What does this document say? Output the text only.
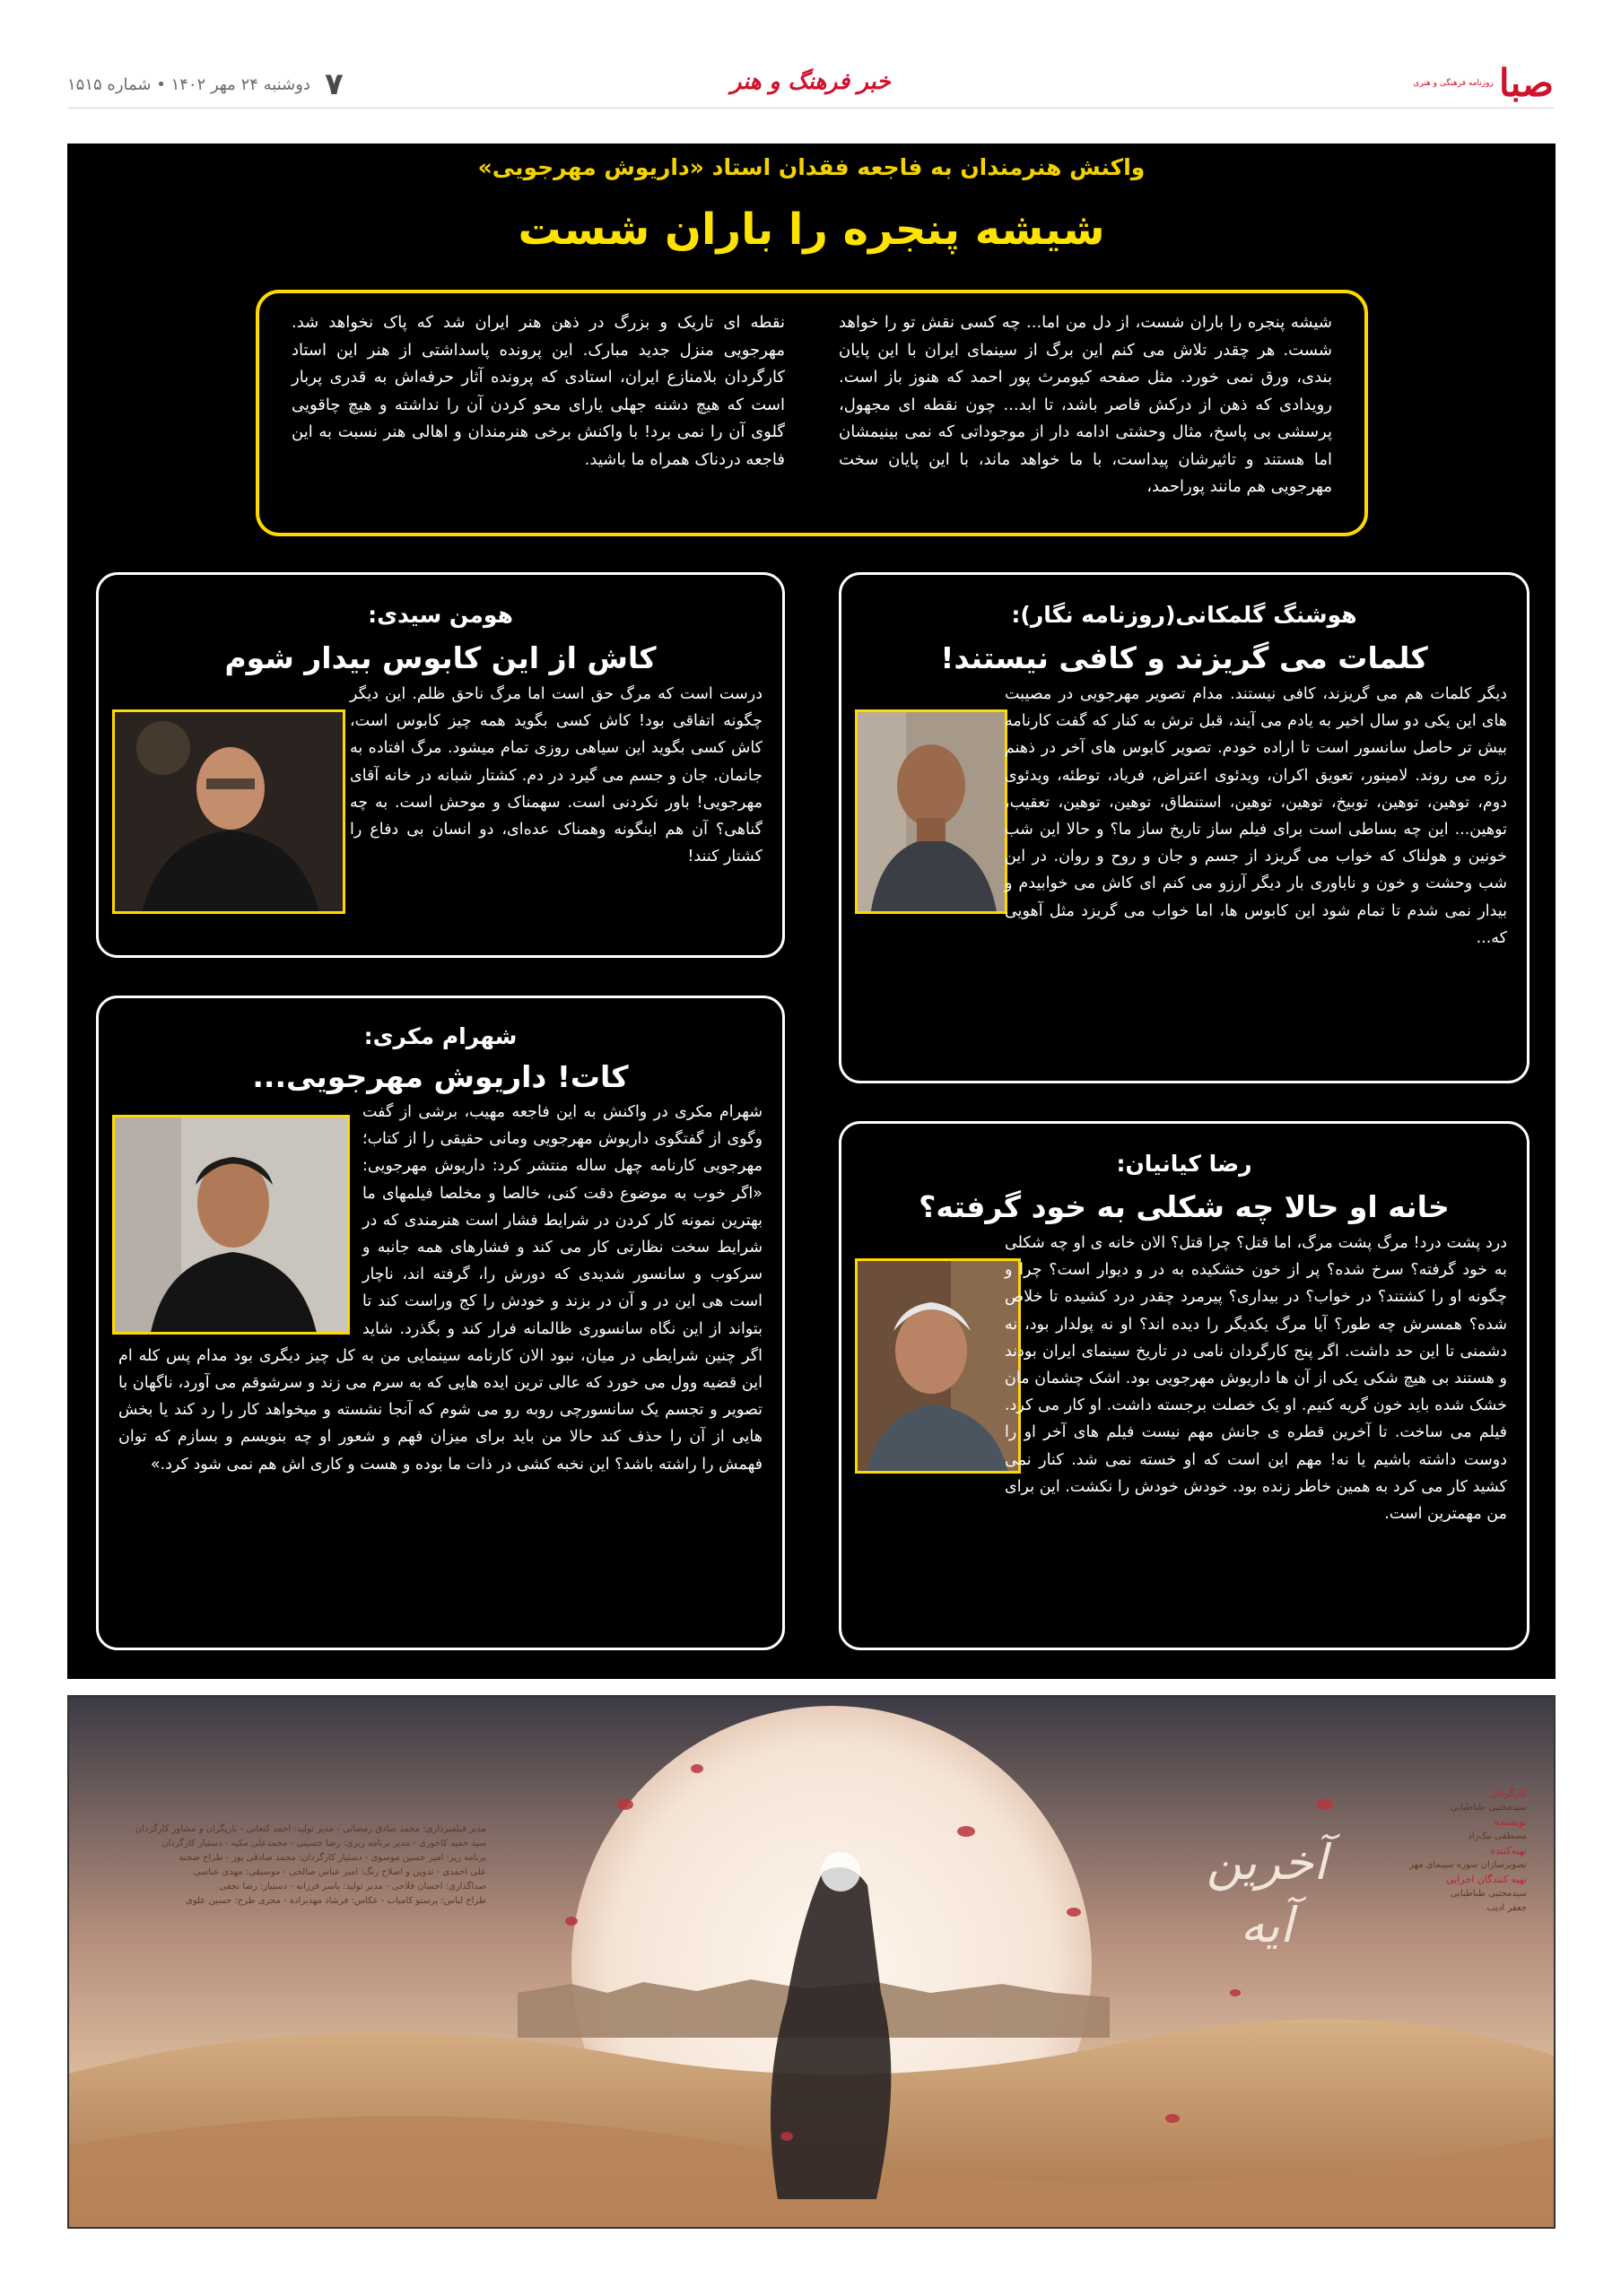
صبا
روزنامه فرهنگی و هنری
خبر فرهنگ و هنر
۷
دوشنبه ۲۴ مهر ۱۴۰۲ • شماره ۱۵۱۵
واکنش هنرمندان به فاجعه فقدان استاد «داریوش مهرجویی»
شیشه پنجره را باران شست
شیشه پنجره را باران شست، از دل من اما... چه کسی نقش تو را خواهد شست. هر چقدر تلاش می کنم این برگ از سینمای ایران با این پایان بندی، ورق نمی خورد. مثل صفحه کیومرث پور احمد که هنوز باز است. رویدادی که ذهن از درکش قاصر باشد، تا ابد... چون نقطه ای مجهول، پرسشی بی پاسخ، مثال وحشتی ادامه دار از موجوداتی که نمی بینیمشان اما هستند و تاثیرشان پیداست، با ما خواهد ماند، با این پایان سخت مهرجویی هم مانند پوراحمد،
نقطه ای تاریک و بزرگ در ذهن هنر ایران شد که پاک نخواهد شد. مهرجویی منزل جدید مبارک. این پرونده پاسداشتی از هنر این استاد کارگردان بلامنازع ایران، استادی که پرونده آثار حرفه‌اش به قدری پربار است که هیچ دشنه جهلی یارای محو کردن آن را نداشته و هیچ چاقویی گلوی آن را نمی برد! با واکنش برخی هنرمندان و اهالی هنر نسبت به این فاجعه دردناک همراه ما باشید.
هوشنگ گلمکانی(روزنامه نگار):
کلمات می گریزند و کافی نیستند!
دیگر کلمات هم می گریزند، کافی نیستند. مدام تصویر مهرجویی در مصیبت های این یکی دو سال اخیر به یادم می آیند، قبل ترش به کنار که گفت کارنامه بیش تر حاصل سانسور است تا اراده خودم. تصویر کابوس های آخر در ذهنم رژه می روند. لامینور، تعویق اکران، ویدئوی اعتراض، فریاد، توطئه، ویدئوی دوم، توهین، توهین، توبیخ، توهین، توهین، استنطاق، توهین، توهین، تعقیب، توهین... این چه بساطی است برای فیلم ساز تاریخ ساز ما؟ و حالا این شب خونین و هولناک که خواب می گریزد از جسم و جان و روح و روان. در این شب وحشت و خون و ناباوری بار دیگر آرزو می کنم ای کاش می خوابیدم و بیدار نمی شدم تا تمام شود این کابوس ها، اما خواب می گریزد مثل آهویی که...
هومن سیدی:
کاش از این کابوس بیدار شوم
درست است که مرگ حق است اما مرگ ناحق ظلم. این دیگر چگونه اتفاقی بود! کاش کسی بگوید همه چیز کابوس است، کاش کسی بگوید این سیاهی روزی تمام میشود. مرگ افتاده به جانمان. جان و جسم می گیرد در دم. کشتار شبانه در خانه آقای مهرجویی! باور نکردنی است. سهمناک و موحش است. به چه گناهی؟ آن هم اینگونه وهمناک عده‌ای، دو انسان بی دفاع را کشتار کنند!
رضا کیانیان:
خانه او حالا چه شکلی به خود گرفته؟
درد پشت درد! مرگ پشت مرگ، اما قتل؟ چرا قتل؟ الان خانه ی او چه شکلی به خود گرفته؟ سرخ شده؟ پر از خون خشکیده به در و دیوار است؟ چرا و چگونه او را کشتند؟ در خواب؟ در بیداری؟ پیرمرد چقدر درد کشیده تا خلاص شده؟ همسرش چه طور؟ آیا مرگ یکدیگر را دیده اند؟ او نه پولدار بود، نه دشمنی تا این حد داشت. اگر پنج کارگردان نامی در تاریخ سینمای ایران بودند و هستند بی هیچ شکی یکی از آن ها داریوش مهرجویی بود. اشک چشمان مان خشک شده باید خون گریه کنیم. او یک خصلت برجسته داشت. او کار می کرد. فیلم می ساخت. تا آخرین قطره ی جانش مهم نیست فیلم های آخر او را دوست داشته باشیم یا نه! مهم این است که او خسته نمی شد. کنار نمی کشید کار می کرد به همین خاطر زنده بود. خودش خودش را نکشت. این برای من مهمترین است.
شهرام مکری:
کات! داریوش مهرجویی...
شهرام مکری در واکنش به این فاجعه مهیب، برشی از گفت وگوی از گفتگوی داریوش مهرجویی ومانی حقیقی را از کتاب؛ مهرجویی کارنامه چهل ساله منتشر کرد: داریوش مهرجویی: «اگر خوب به موضوع دقت کنی، خالصا و مخلصا فیلمهای ما بهترین نمونه کار کردن در شرایط فشار است هنرمندی که در شرایط سخت نظارتی کار می کند و فشارهای همه جانبه و سرکوب و سانسور شدیدی که دورش را، گرفته اند، ناچار است هی این در و آن در بزند و خودش را کج وراست کند تا بتواند از این نگاه سانسوری ظالمانه فرار کند و بگذرد. شاید اگر چنین شرایطی در میان، نبود الان کارنامه سینمایی من به کل چیز دیگری بود مدام پس کله ام این قضیه وول می خورد که عالی ترین ایده هایی که به سرم می زند و سرشوقم می آورد، ناگهان با تصویر و تجسم یک سانسورچی روبه رو می شوم که آنجا نشسته و میخواهد کار را رد کند یا بخش هایی از آن را حذف کند حالا من باید برای میزان فهم و شعور او چه بنویسم و بسازم که توان فهمش را راشته باشد؟ این نخبه کشی در ذات ما بوده و هست و کاری اش هم نمی شود کرد.»
آخرین آیه
کارگردان
سیدمجتبی طباطبایی
نویسنده
مصطفی نیک‌راد
تهیه‌کننده
تصویرسازان سوره سینمای مهر
تهیه کنندگان اجرایی
سیدمجتبی طباطبایی
جعفر ادیب
مدیر فیلمبرداری: محمد صادق رمضانی - مدیر تولید: احمد کنعانی - بازیگران و مشاور کارگردان
سید حمید کاجوری - مدیر برنامه ریزی: رضا حسینی - محمدعلی مکیه - دستیار کارگردان
برنامه ریز: امیر حسین موسوی - دستیار کارگردان: محمد صادقی پور - طراح صحنه
علی احمدی - تدوین و اصلاح رنگ: امیر عباس صالحی - موسیقی: مهدی عباسی
صداگذاری: احسان فلاحی - مدیر تولید: یاسر فرزانه - دستیار: رضا نجفی
طراح لباس: پرستو کامیاب - عکاس: فرشاد مهدیزاده - مجری طرح: حسین علوی
